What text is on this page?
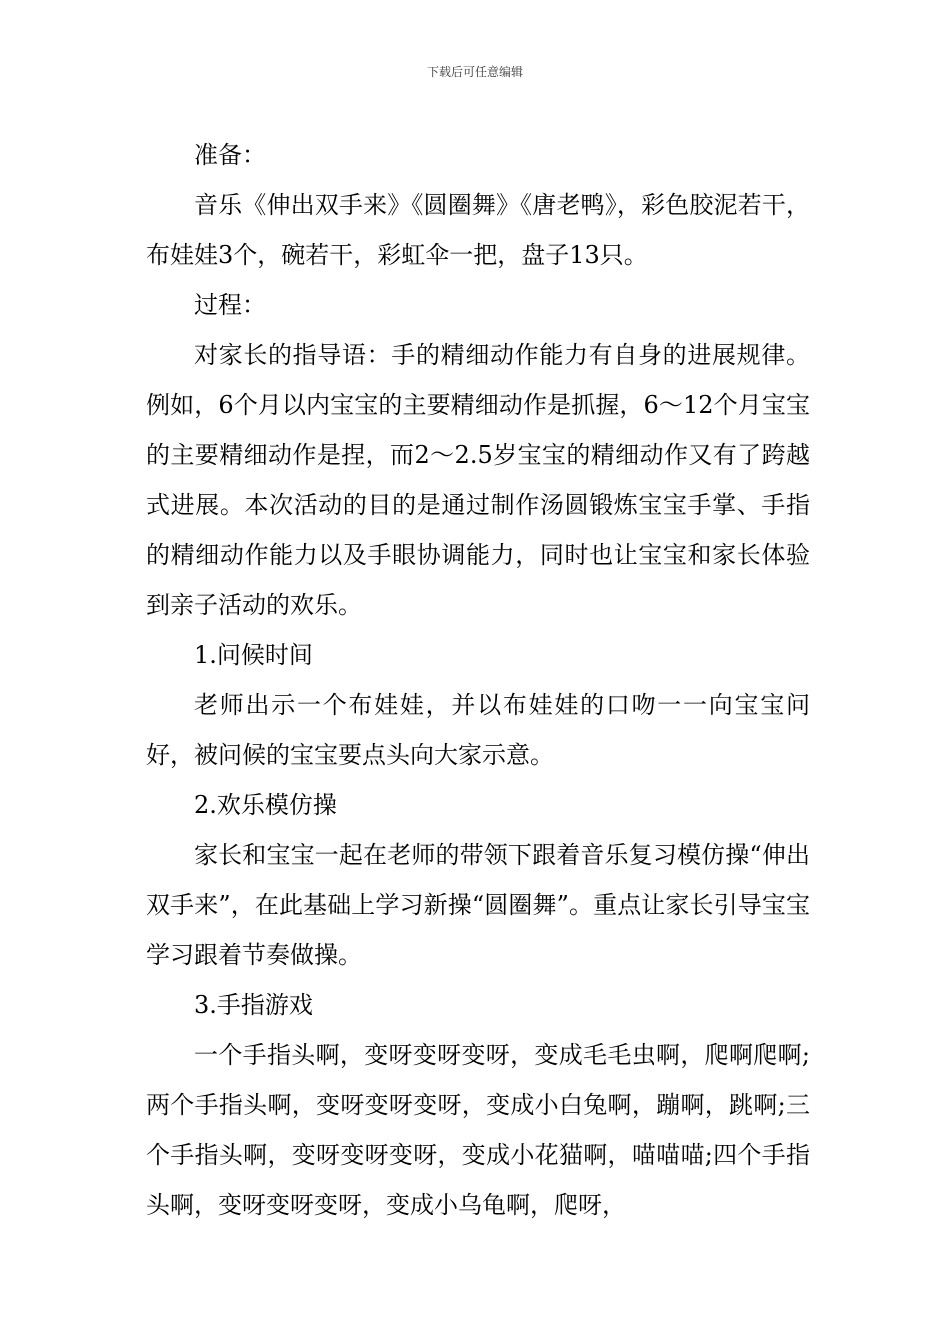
下载后可任意编辑

准备：

音乐《伸出双手来》《圆圈舞》《唐老鸭》，彩色胶泥若干，布娃娃3个，碗若干，彩虹伞一把，盘子13只。

过程：

对家长的指导语：手的精细动作能力有自身的进展规律。例如，6个月以内宝宝的主要精细动作是抓握，6～12个月宝宝的主要精细动作是捏，而2～2.5岁宝宝的精细动作又有了跨越式进展。本次活动的目的是通过制作汤圆锻炼宝宝手掌、手指的精细动作能力以及手眼协调能力，同时也让宝宝和家长体验到亲子活动的欢乐。

1.问候时间

老师出示一个布娃娃，并以布娃娃的口吻一一向宝宝问好，被问候的宝宝要点头向大家示意。

2.欢乐模仿操

家长和宝宝一起在老师的带领下跟着音乐复习模仿操“伸出双手来”，在此基础上学习新操“圆圈舞”。重点让家长引导宝宝学习跟着节奏做操。

3.手指游戏

一个手指头啊，变呀变呀变呀，变成毛毛虫啊，爬啊爬啊;两个手指头啊，变呀变呀变呀，变成小白兔啊，蹦啊，跳啊;三个手指头啊，变呀变呀变呀，变成小花猫啊，喵喵喵;四个手指头啊，变呀变呀变呀，变成小乌龟啊，爬呀，
